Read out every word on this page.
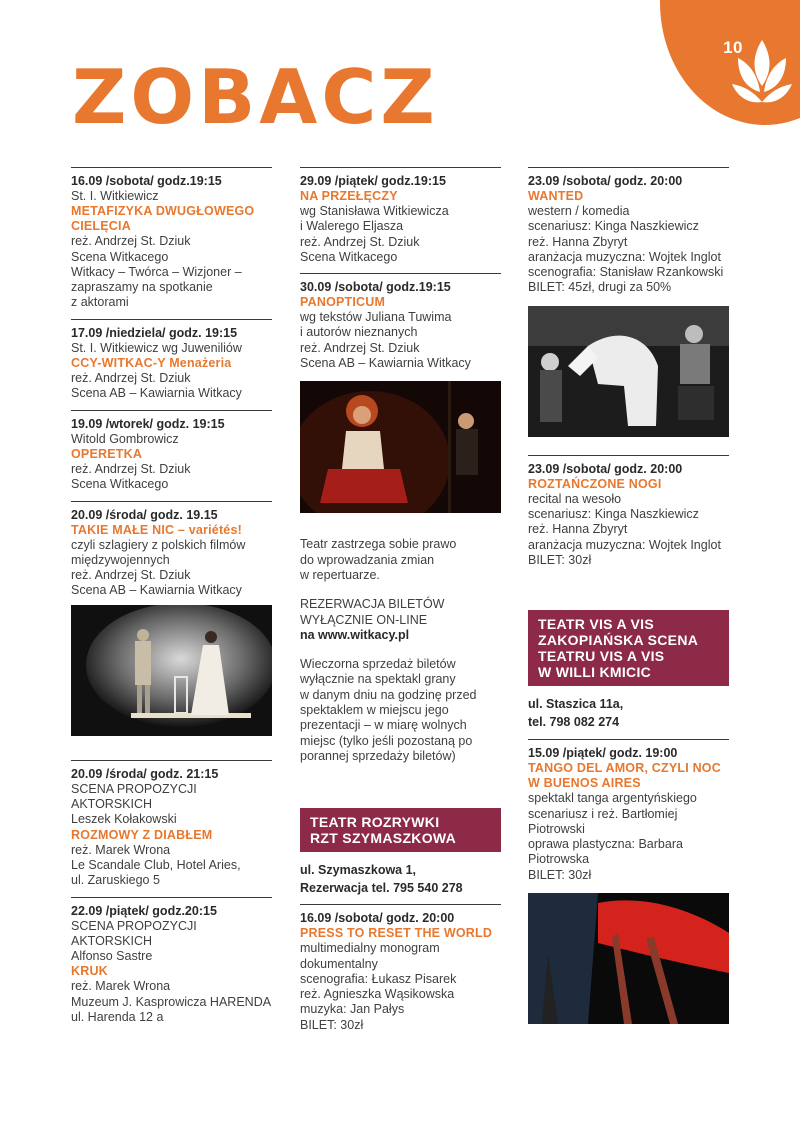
10
ZOBACZ
16.09 /sobota/ godz.19:15
St. I. Witkiewicz
METAFIZYKA DWUGŁOWEGO
CIELĘCIA
reż. Andrzej St. Dziuk
Scena Witkacego
Witkacy – Twórca – Wizjoner –
zapraszamy na spotkanie
z aktorami
17.09 /niedziela/ godz. 19:15
St. I. Witkiewicz wg Juweniliów
CCY-WITKAC-Y Menażeria
reż. Andrzej St. Dziuk
Scena AB – Kawiarnia Witkacy
19.09 /wtorek/ godz. 19:15
Witold Gombrowicz
OPERETKA
reż. Andrzej St. Dziuk
Scena Witkacego
20.09 /środa/ godz. 19.15
TAKIE MAŁE NIC – variétés!
czyli szlagiery z polskich filmów
międzywojennych
reż. Andrzej St. Dziuk
Scena AB – Kawiarnia Witkacy
20.09 /środa/ godz. 21:15
SCENA PROPOZYCJI AKTORSKICH
Leszek Kołakowski
ROZMOWY Z DIABŁEM
reż. Marek Wrona
Le Scandale Club, Hotel Aries,
ul. Zaruskiego 5
22.09 /piątek/ godz.20:15
SCENA PROPOZYCJI AKTORSKICH
Alfonso Sastre
KRUK
reż. Marek Wrona
Muzeum J. Kasprowicza HARENDA
ul. Harenda 12 a
29.09 /piątek/ godz.19:15
NA PRZEŁĘCZY
wg Stanisława Witkiewicza
i Walerego Eljasza
reż. Andrzej St. Dziuk
Scena Witkacego
30.09 /sobota/ godz.19:15
PANOPTICUM
wg tekstów Juliana Tuwima
i autorów nieznanych
reż. Andrzej St. Dziuk
Scena AB – Kawiarnia Witkacy
Teatr zastrzega sobie prawo
do wprowadzania zmian
w repertuarze.
REZERWACJA BILETÓW
WYŁĄCZNIE ON-LINE
na www.witkacy.pl
Wieczorna sprzedaż biletów
wyłącznie na spektakl grany
w danym dniu na godzinę przed
spektaklem w miejscu jego
prezentacji – w miarę wolnych
miejsc (tylko jeśli pozostaną po
porannej sprzedaży biletów)
TEATR ROZRYWKI
RZT SZYMASZKOWA
ul. Szymaszkowa 1,
Rezerwacja tel. 795 540 278
16.09 /sobota/ godz. 20:00
PRESS TO RESET THE WORLD
multimedialny monogram
dokumentalny
scenografia: Łukasz Pisarek
reż. Agnieszka Wąsikowska
muzyka: Jan Pałys
BILET: 30zł
23.09 /sobota/ godz. 20:00
WANTED
western / komedia
scenariusz: Kinga Naszkiewicz
reż. Hanna Zbyryt
aranżacja muzyczna: Wojtek Inglot
scenografia: Stanisław Rzankowski
BILET: 45zł, drugi za 50%
23.09 /sobota/ godz. 20:00
ROZTAŃCZONE NOGI
recital na wesoło
scenariusz: Kinga Naszkiewicz
reż. Hanna Zbyryt
aranżacja muzyczna: Wojtek Inglot
BILET: 30zł
TEATR VIS A VIS
ZAKOPIAŃSKA SCENA
TEATRU VIS A VIS
W WILLI KMICIC
ul. Staszica 11a,
tel. 798 082 274
15.09 /piątek/ godz. 19:00
TANGO DEL AMOR, CZYLI NOC
W BUENOS AIRES
spektakl tanga argentyńskiego
scenariusz i reż. Bartłomiej
Piotrowski
oprawa plastyczna: Barbara
Piotrowska
BILET: 30zł
